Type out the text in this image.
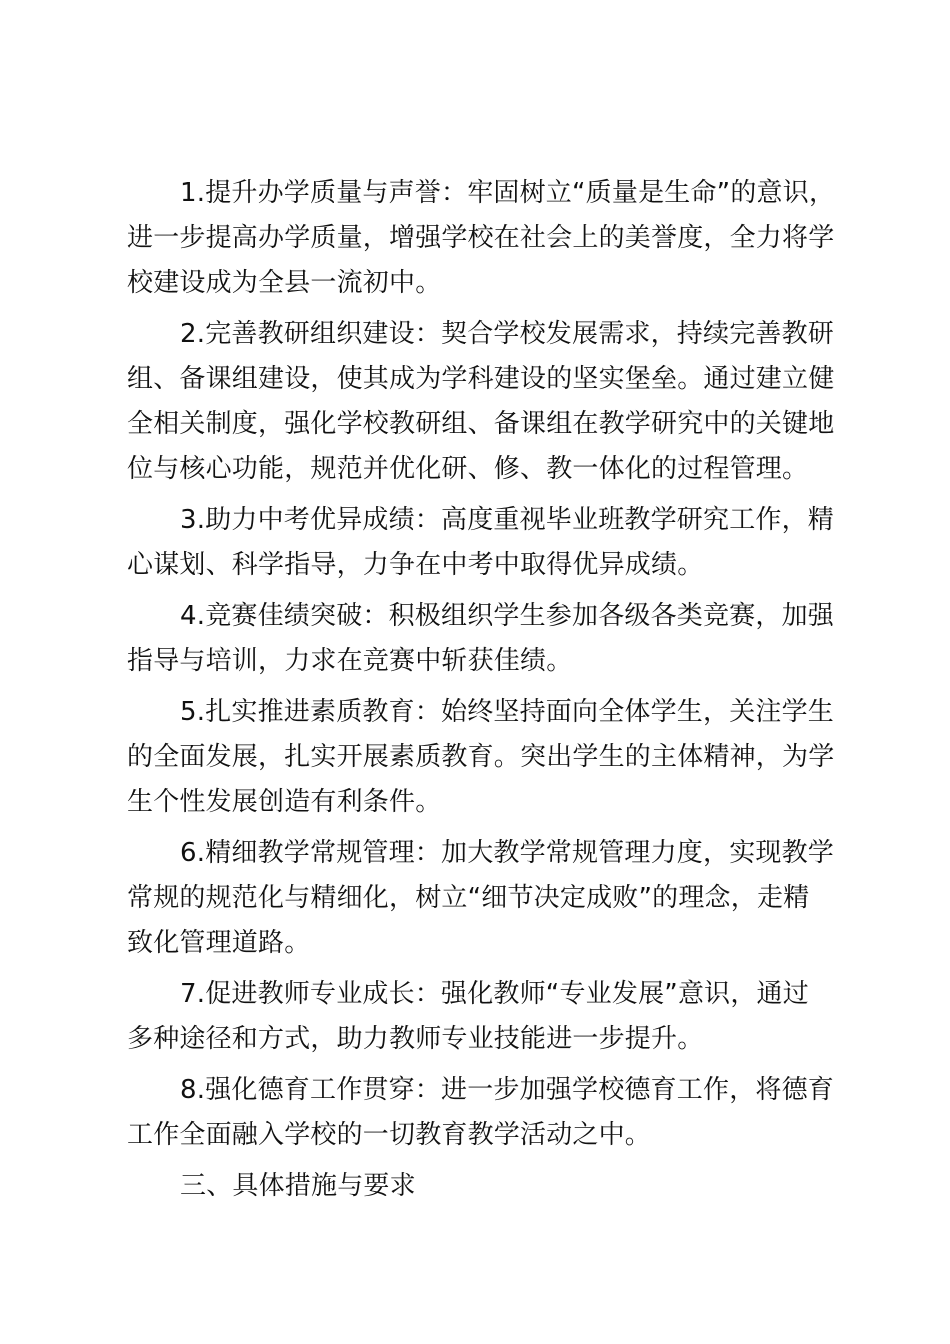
1.提升办学质量与声誉：牢固树立“质量是生命”的意识，
进一步提高办学质量，增强学校在社会上的美誉度，全力将学
校建设成为全县一流初中。
2.完善教研组织建设：契合学校发展需求，持续完善教研
组、备课组建设，使其成为学科建设的坚实堡垒。通过建立健
全相关制度，强化学校教研组、备课组在教学研究中的关键地
位与核心功能，规范并优化研、修、教一体化的过程管理。
3.助力中考优异成绩：高度重视毕业班教学研究工作，精
心谋划、科学指导，力争在中考中取得优异成绩。
4.竞赛佳绩突破：积极组织学生参加各级各类竞赛，加强
指导与培训，力求在竞赛中斩获佳绩。
5.扎实推进素质教育：始终坚持面向全体学生，关注学生
的全面发展，扎实开展素质教育。突出学生的主体精神，为学
生个性发展创造有利条件。
6.精细教学常规管理：加大教学常规管理力度，实现教学
常规的规范化与精细化，树立“细节决定成败”的理念，走精
致化管理道路。
7.促进教师专业成长：强化教师“专业发展”意识，通过
多种途径和方式，助力教师专业技能进一步提升。
8.强化德育工作贯穿：进一步加强学校德育工作，将德育
工作全面融入学校的一切教育教学活动之中。
三、具体措施与要求
